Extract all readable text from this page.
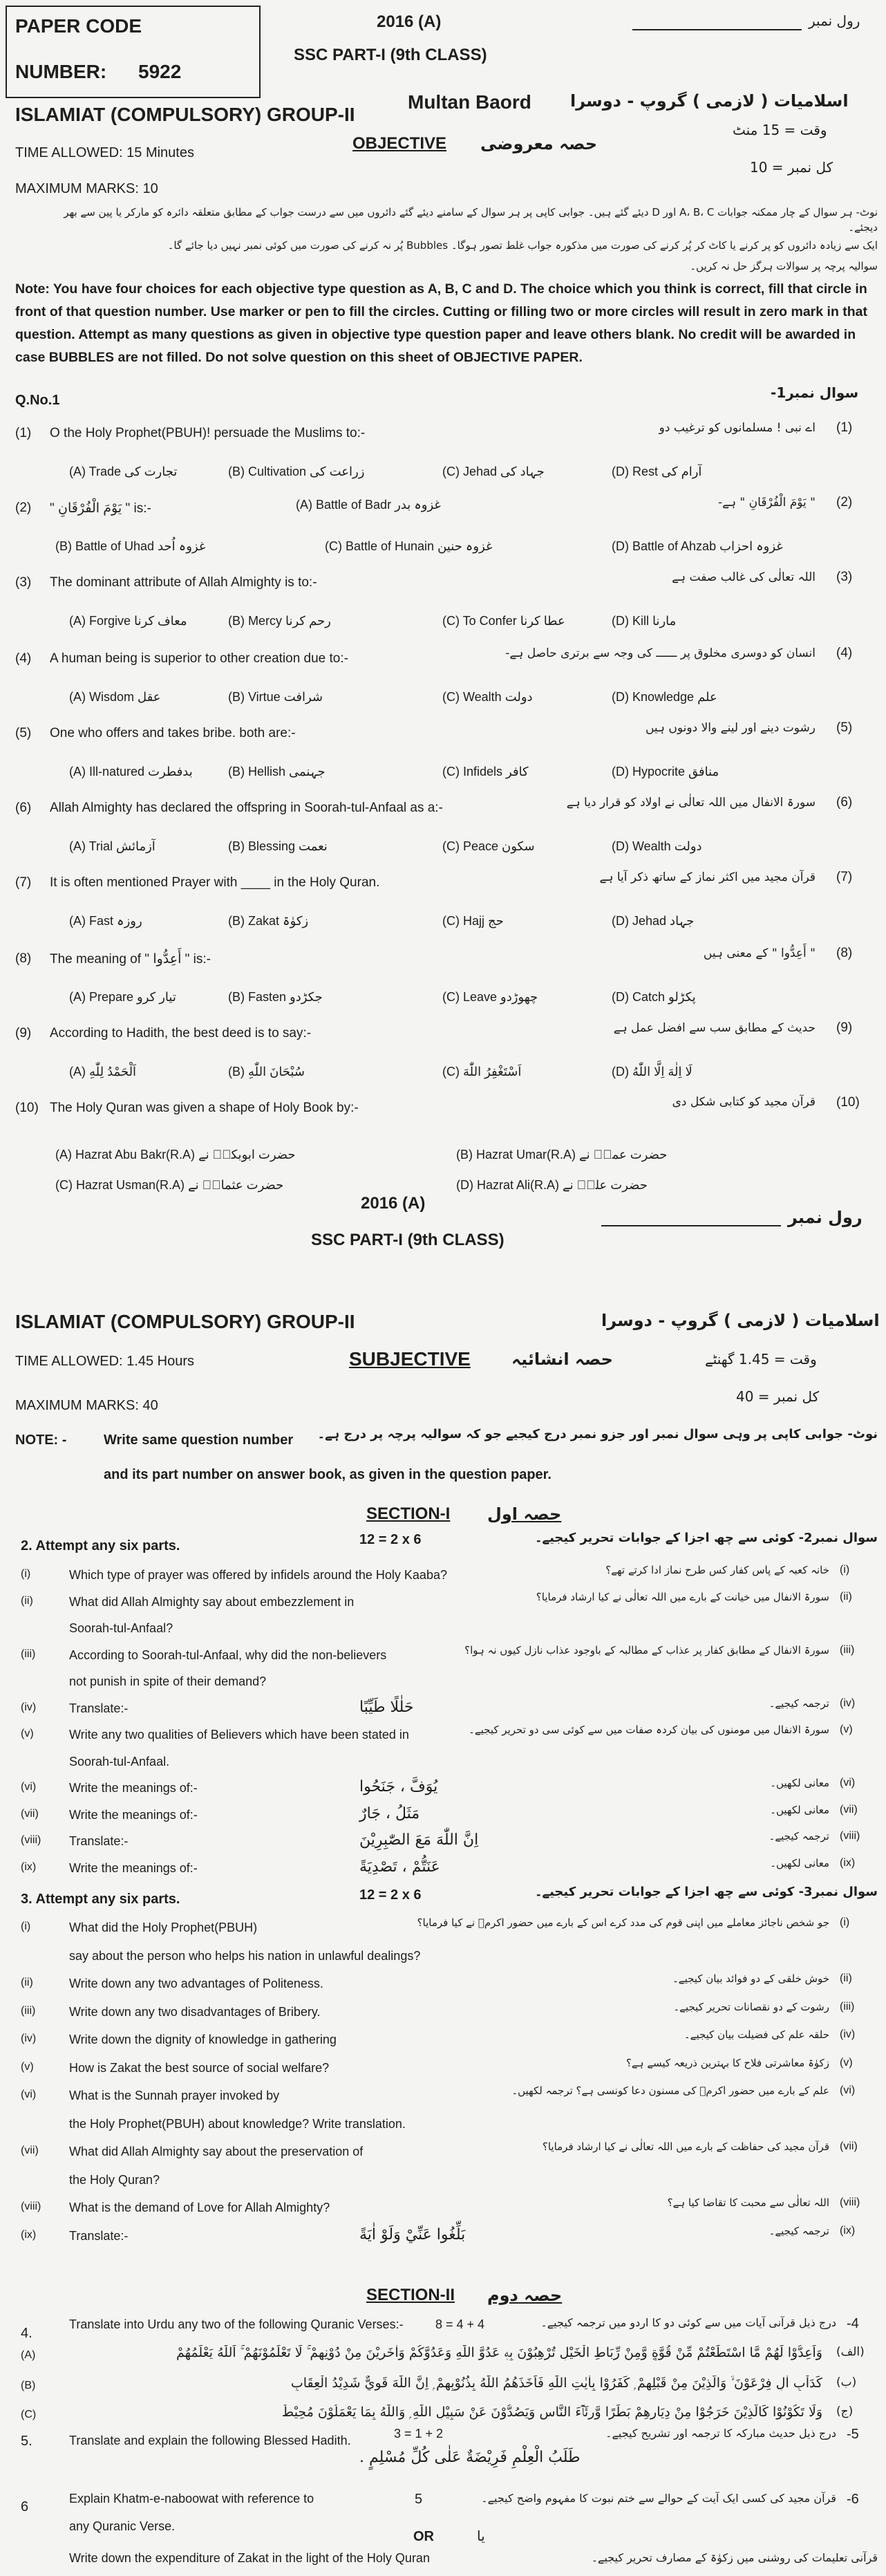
PAPER CODE
NUMBER: 5922
2016 (A)	رول نمبر
SSC PART-I (9th CLASS)
ISLAMIAT (COMPULSORY) GROUP-II
Multan Baord اسلامیات ( لازمی ) گروپ - دوسرا
TIME ALLOWED: 15 Minutes	OBJECTIVE حصہ معروضی
وقت = 15 منٹ
MAXIMUM MARKS: 10
کل نمبر = 10
نوٹ- ہر سوال کے چار ممکنہ جوابات A، B، C اور D دیئے گئے ہیں۔ جوابی کاپی پر ہر سوال کے سامنے دیئے گئے دائروں میں سے درست جواب کے مطابق متعلقہ دائرہ کو مارکر یا پین سے بھر دیجئے۔
ایک سے زیادہ دائروں کو پر کرنے یا کاٹ کر پُر کرنے کی صورت میں مذکورہ جواب غلط تصور ہوگا۔ Bubbles پُر نہ کرنے کی صورت میں کوئی نمبر نہیں دیا جائے گا۔
سوالیہ پرچہ پر سوالات ہرگز حل نہ کریں۔
Note: You have four choices for each objective type question as A, B, C and D. The choice which you think is correct, fill that circle in front of that question number. Use marker or pen to fill the circles. Cutting or filling two or more circles will result in zero mark in that question. Attempt as many questions as given in objective type question paper and leave others blank. No credit will be awarded in case BUBBLES are not filled. Do not solve question on this sheet of OBJECTIVE PAPER.
Q.No.1	سوال نمبر1-
(1) O the Holy Prophet(PBUH)! persuade the Muslims to:-	اے نبی ! مسلمانوں کو ترغیب دو (1)
(A) Trade تجارت کی	(B) Cultivation زراعت کی	(C) Jehad جہاد کی	(D) Rest آرام کی
(2) " يَوْمَ الْفُرْقَانِ " is:-	" يَوْمَ الْفُرْقَانِ " ہے- (2)
(A) Battle of Badr غزوہ بدر
(B) Battle of Uhad غزوہ اُحد	(C) Battle of Hunain غزوہ حنین	(D) Battle of Ahzab غزوہ احزاب
(3) The dominant attribute of Allah Almighty is to:-	اللہ تعالٰی کی غالب صفت ہے (3)
(A) Forgive معاف کرنا	(B) Mercy رحم کرنا	(C) To Confer عطا کرنا	(D) Kill مارنا
(4) A human being is superior to other creation due to:-	انسان کو دوسری مخلوق پر ــــــ کی وجہ سے برتری حاصل ہے- (4)
(A) Wisdom عقل	(B) Virtue شرافت	(C) Wealth دولت	(D) Knowledge علم
(5) One who offers and takes bribe. both are:-	رشوت دینے اور لینے والا دونوں ہیں (5)
(A) Ill-natured بدفطرت	(B) Hellish جہنمی	(C) Infidels کافر	(D) Hypocrite منافق
(6) Allah Almighty has declared the offspring in Soorah-tul-Anfaal as a:-	سورۃ الانفال میں اللہ تعالٰی نے اولاد کو قرار دیا ہے (6)
(A) Trial آزمائش	(B) Blessing نعمت	(C) Peace سکون	(D) Wealth دولت
(7) It is often mentioned Prayer with ____ in the Holy Quran.	قرآن مجید میں اکثر نماز کے ساتھ ذکر آیا ہے (7)
(A) Fast روزہ	(B) Zakat زکوٰۃ	(C) Hajj حج	(D) Jehad جہاد
(8) The meaning of " أَعِدُّوا " is:-	" أَعِدُّوا " کے معنی ہیں (8)
(A) Prepare تیار کرو	(B) Fasten جکڑدو	(C) Leave چھوڑدو	(D) Catch پکڑلو
(9) According to Hadith, the best deed is to say:-	حدیث کے مطابق سب سے افضل عمل ہے (9)
(A) اَلْحَمْدُ لِلّٰهِ	(B) سُبْحَانَ اللّٰهِ	(C) اَسْتَغْفِرُ اللّٰهَ	(D) لَا اِلٰهَ اِلَّا اللّٰهُ
(10) The Holy Quran was given a shape of Holy Book by:-	قرآن مجید کو کتابی شکل دی (10)
(A) Hazrat Abu Bakr(R.A) حضرت ابوبکرؓ نے	(B) Hazrat Umar(R.A) حضرت عمرؓ نے
(C) Hazrat Usman(R.A) حضرت عثمانؓ نے	(D) Hazrat Ali(R.A) حضرت علیؓ نے
2016 (A)
رول نمبر
SSC PART-I (9th CLASS)
ISLAMIAT (COMPULSORY) GROUP-II	اسلامیات ( لازمی ) گروپ - دوسرا
TIME ALLOWED: 1.45 Hours	SUBJECTIVE حصہ انشائیہ	وقت = 1.45 گھنٹے
MAXIMUM MARKS: 40
کل نمبر = 40
NOTE: -	Write same question number نوٹ- جوابی کاپی پر وہی سوال نمبر اور جزو نمبر درج کیجیے جو کہ سوالیہ پرچہ پر درج ہے۔
and its part number on answer book, as given in the question paper.
SECTION-I حصہ اول
2. Attempt any six parts.	12 = 2 x 6	سوال نمبر2- کوئی سے چھ اجزا کے جوابات تحریر کیجیے۔
(i)	Which type of prayer was offered by infidels around the Holy Kaaba?	خانہ کعبہ کے پاس کفار کس طرح نماز ادا کرتے تھے؟ (i)
(ii)	What did Allah Almighty say about embezzlement in	سورۃ الانفال میں خیانت کے بارے میں اللہ تعالٰی نے کیا ارشاد فرمایا؟ (ii)
Soorah-tul-Anfaal?
(iii)	According to Soorah-tul-Anfaal, why did the non-believers	سورۃ الانفال کے مطابق کفار پر عذاب کے مطالبہ کے باوجود عذاب نازل کیوں نہ ہوا؟ (iii)
not punish in spite of their demand?
(iv)	Translate:-	حَلٰلًا طَيِّبًا	ترجمہ کیجیے۔ (iv)
(v)	Write any two qualities of Believers which have been stated in	سورۃ الانفال میں مومنوں کی بیان کردہ صفات میں سے کوئی سی دو تحریر کیجیے۔ (v)
Soorah-tul-Anfaal.
(vi)	Write the meanings of:-	يُوَفَّ ، جَنَحُوا	معانی لکھیں۔ (vi)
(vii) Write the meanings of:-	مَثَلُ ، جَارٌ	معانی لکھیں۔ (vii)
(viii) Translate:-	اِنَّ اللّٰهَ مَعَ الصّٰبِرِيْنَ	ترجمہ کیجیے۔ (viii)
(ix)	Write the meanings of:-	عَنَتُّمْ ، تَصْدِيَةً	معانی لکھیں۔ (ix)
3. Attempt any six parts.	12 = 2 x 6	سوال نمبر3- کوئی سے چھ اجزا کے جوابات تحریر کیجیے۔
(i)	What did the Holy Prophet(PBUH)	جو شخص ناجائز معاملے میں اپنی قوم کی مدد کرے اس کے بارے میں حضور اکرمؐ نے کیا فرمایا؟ (i)
say about the person who helps his nation in unlawful dealings?
(ii)	Write down any two advantages of Politeness.	خوش خلقی کے دو فوائد بیان کیجیے۔ (ii)
(iii)	Write down any two disadvantages of Bribery.	رشوت کے دو نقصانات تحریر کیجیے۔ (iii)
(iv)	Write down the dignity of knowledge in gathering	حلقہ علم کی فضیلت بیان کیجیے۔ (iv)
(v)	How is Zakat the best source of social welfare?	زکوٰۃ معاشرتی فلاح کا بہترین ذریعہ کیسے ہے؟ (v)
(vi)	What is the Sunnah prayer invoked by	علم کے بارے میں حضور اکرمؐ کی مسنون دعا کونسی ہے؟ ترجمہ لکھیں۔ (vi)
the Holy Prophet(PBUH) about knowledge? Write translation.
(vii) What did Allah Almighty say about the preservation of	قرآن مجید کی حفاظت کے بارے میں اللہ تعالٰی نے کیا ارشاد فرمایا؟ (vii)
the Holy Quran?
(viii) What is the demand of Love for Allah Almighty?	اللہ تعالٰی سے محبت کا تقاضا کیا ہے؟ (viii)
(ix)	Translate:-	بَلِّغُوا عَنِّيْ وَلَوْ اٰيَةً	ترجمہ کیجیے۔ (ix)
SECTION-II حصہ دوم
4.
Translate into Urdu any two of the following Quranic Verses:-	8 = 4 + 4	درج ذیل قرآنی آیات میں سے کوئی دو کا اردو میں ترجمہ کیجیے۔ -4
(A)	وَاَعِدُّوْا لَهُمْ مَّا اسْتَطَعْتُمْ مِّنْ قُوَّةٍ وَّمِنْ رِّبَاطِ الْخَيْلِ تُرْهِبُوْنَ بِهٖ عَدُوَّ اللّٰهِ وَعَدُوَّكُمْ وَاٰخَرِيْنَ مِنْ دُوْنِهِمْ ۚ لَا تَعْلَمُوْنَهُمْ ۚ اَللّٰهُ يَعْلَمُهُمْ (الف)
(B)	كَدَاْبِ اٰلِ فِرْعَوْنَ ۙ وَالَّذِيْنَ مِنْ قَبْلِهِمْ ۭ كَفَرُوْا بِاٰيٰتِ اللّٰهِ فَاَخَذَهُمُ اللّٰهُ بِذُنُوْبِهِمْ ۭ اِنَّ اللّٰهَ قَوِيٌّ شَدِيْدُ الْعِقَابِ (ب)
(C)	وَلَا تَكُوْنُوْا كَالَّذِيْنَ خَرَجُوْا مِنْ دِيَارِهِمْ بَطَرًا وَّرِئَاۗءَ النَّاسِ وَيَصُدُّوْنَ عَنْ سَبِيْلِ اللّٰهِ ۭ وَاللّٰهُ بِمَا يَعْمَلُوْنَ مُحِيْطٌ (ج)
5.	Translate and explain the following Blessed Hadith.	3 = 1 + 2	درج ذیل حدیث مبارکہ کا ترجمہ اور تشریح کیجیے۔ -5
طَلَبُ الْعِلْمِ فَرِيْضَةٌ عَلٰى كُلِّ مُسْلِمٍ .
6
Explain Khatm-e-naboowat with reference to
any Quranic Verse.
5
OR	یا
Write down the expenditure of Zakat in the light of the Holy Quran
قرآن مجید کی کسی ایک آیت کے حوالے سے ختم نبوت کا مفہوم واضح کیجیے۔
قرآنی تعلیمات کی روشنی میں زکوٰۃ کے مصارف تحریر کیجیے۔
-6
